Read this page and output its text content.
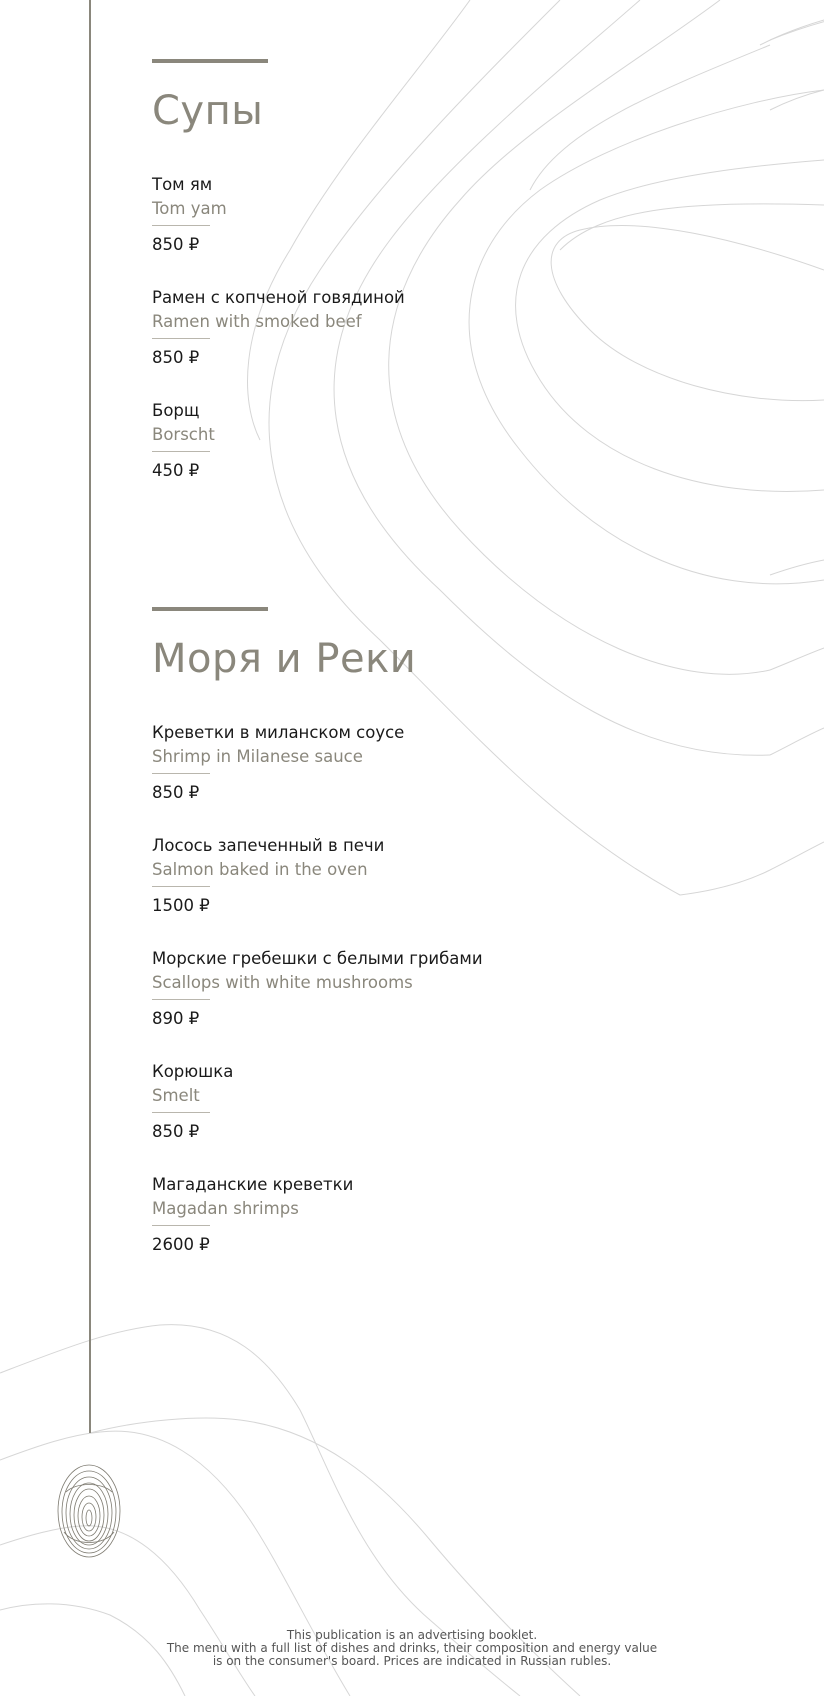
Супы
Том ям
Tom yam
850 ₽
Рамен с копченой говядиной
Ramen with smoked beef
850 ₽
Борщ
Borscht
450 ₽
Моря и Реки
Креветки в миланском соусе
Shrimp in Milanese sauce
850 ₽
Лосось запеченный в печи
Salmon baked in the oven
1500 ₽
Морские гребешки с белыми грибами
Scallops with white mushrooms
890 ₽
Корюшка
Smelt
850 ₽
Магаданские креветки
Magadan shrimps
2600 ₽
This publication is an advertising booklet.
The menu with a full list of dishes and drinks, their composition and energy value
is on the consumer's board. Prices are indicated in Russian rubles.
